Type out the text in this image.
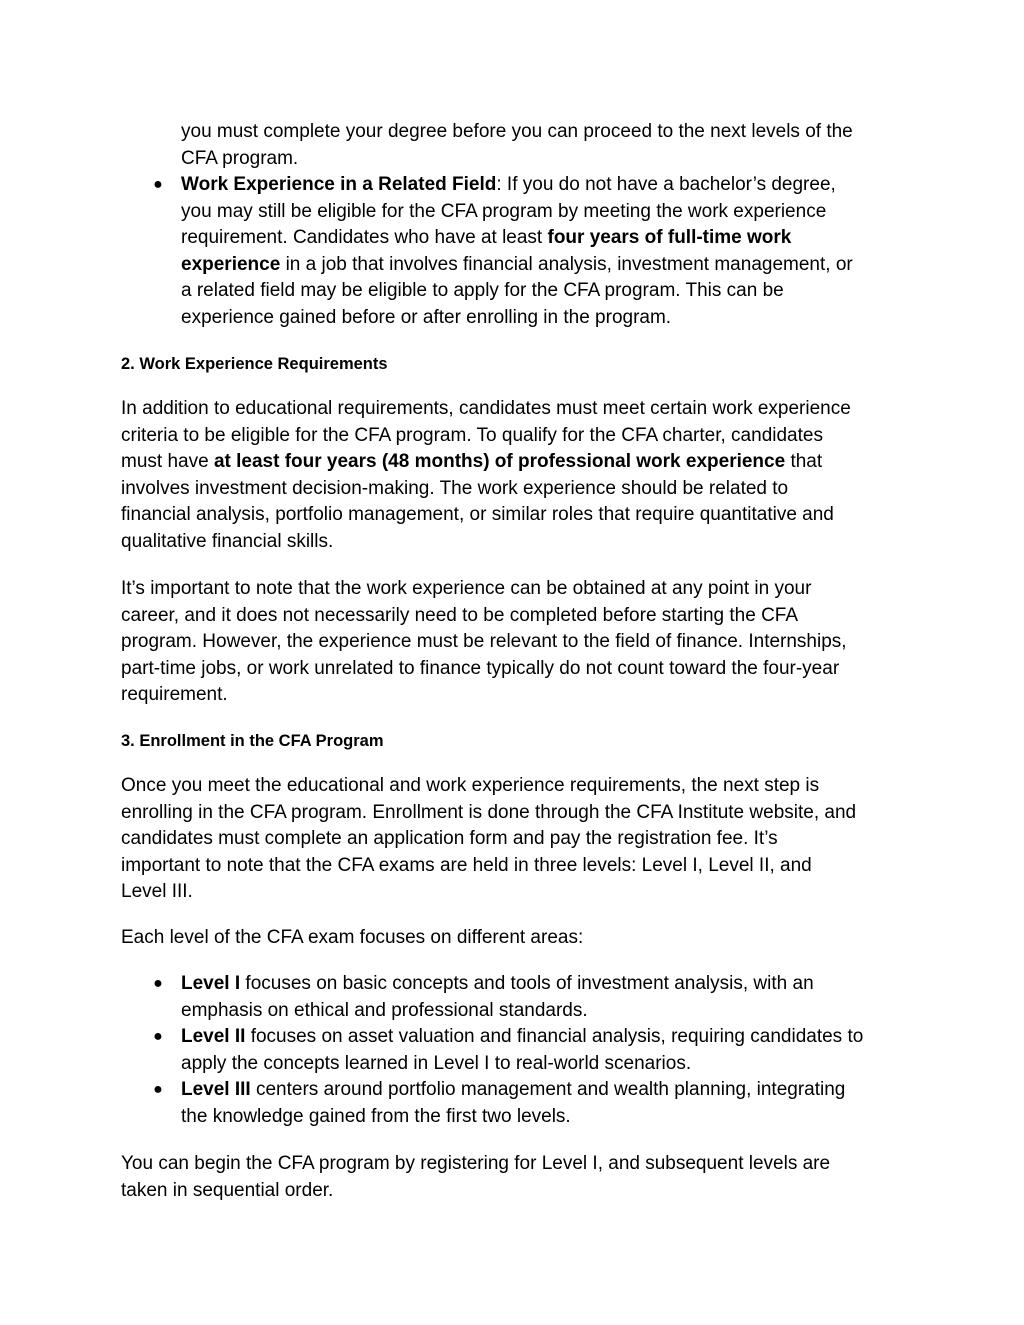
you must complete your degree before you can proceed to the next levels of the
CFA program.
● Work Experience in a Related Field: If you do not have a bachelor’s degree,
you may still be eligible for the CFA program by meeting the work experience
requirement. Candidates who have at least four years of full-time work
experience in a job that involves financial analysis, investment management, or
a related field may be eligible to apply for the CFA program. This can be
experience gained before or after enrolling in the program.
2. Work Experience Requirements
In addition to educational requirements, candidates must meet certain work experience
criteria to be eligible for the CFA program. To qualify for the CFA charter, candidates
must have at least four years (48 months) of professional work experience that
involves investment decision-making. The work experience should be related to
financial analysis, portfolio management, or similar roles that require quantitative and
qualitative financial skills.
It’s important to note that the work experience can be obtained at any point in your
career, and it does not necessarily need to be completed before starting the CFA
program. However, the experience must be relevant to the field of finance. Internships,
part-time jobs, or work unrelated to finance typically do not count toward the four-year
requirement.
3. Enrollment in the CFA Program
Once you meet the educational and work experience requirements, the next step is
enrolling in the CFA program. Enrollment is done through the CFA Institute website, and
candidates must complete an application form and pay the registration fee. It’s
important to note that the CFA exams are held in three levels: Level I, Level II, and
Level III.
Each level of the CFA exam focuses on different areas:
● Level I focuses on basic concepts and tools of investment analysis, with an
emphasis on ethical and professional standards.
● Level II focuses on asset valuation and financial analysis, requiring candidates to
apply the concepts learned in Level I to real-world scenarios.
● Level III centers around portfolio management and wealth planning, integrating
the knowledge gained from the first two levels.
You can begin the CFA program by registering for Level I, and subsequent levels are
taken in sequential order.
